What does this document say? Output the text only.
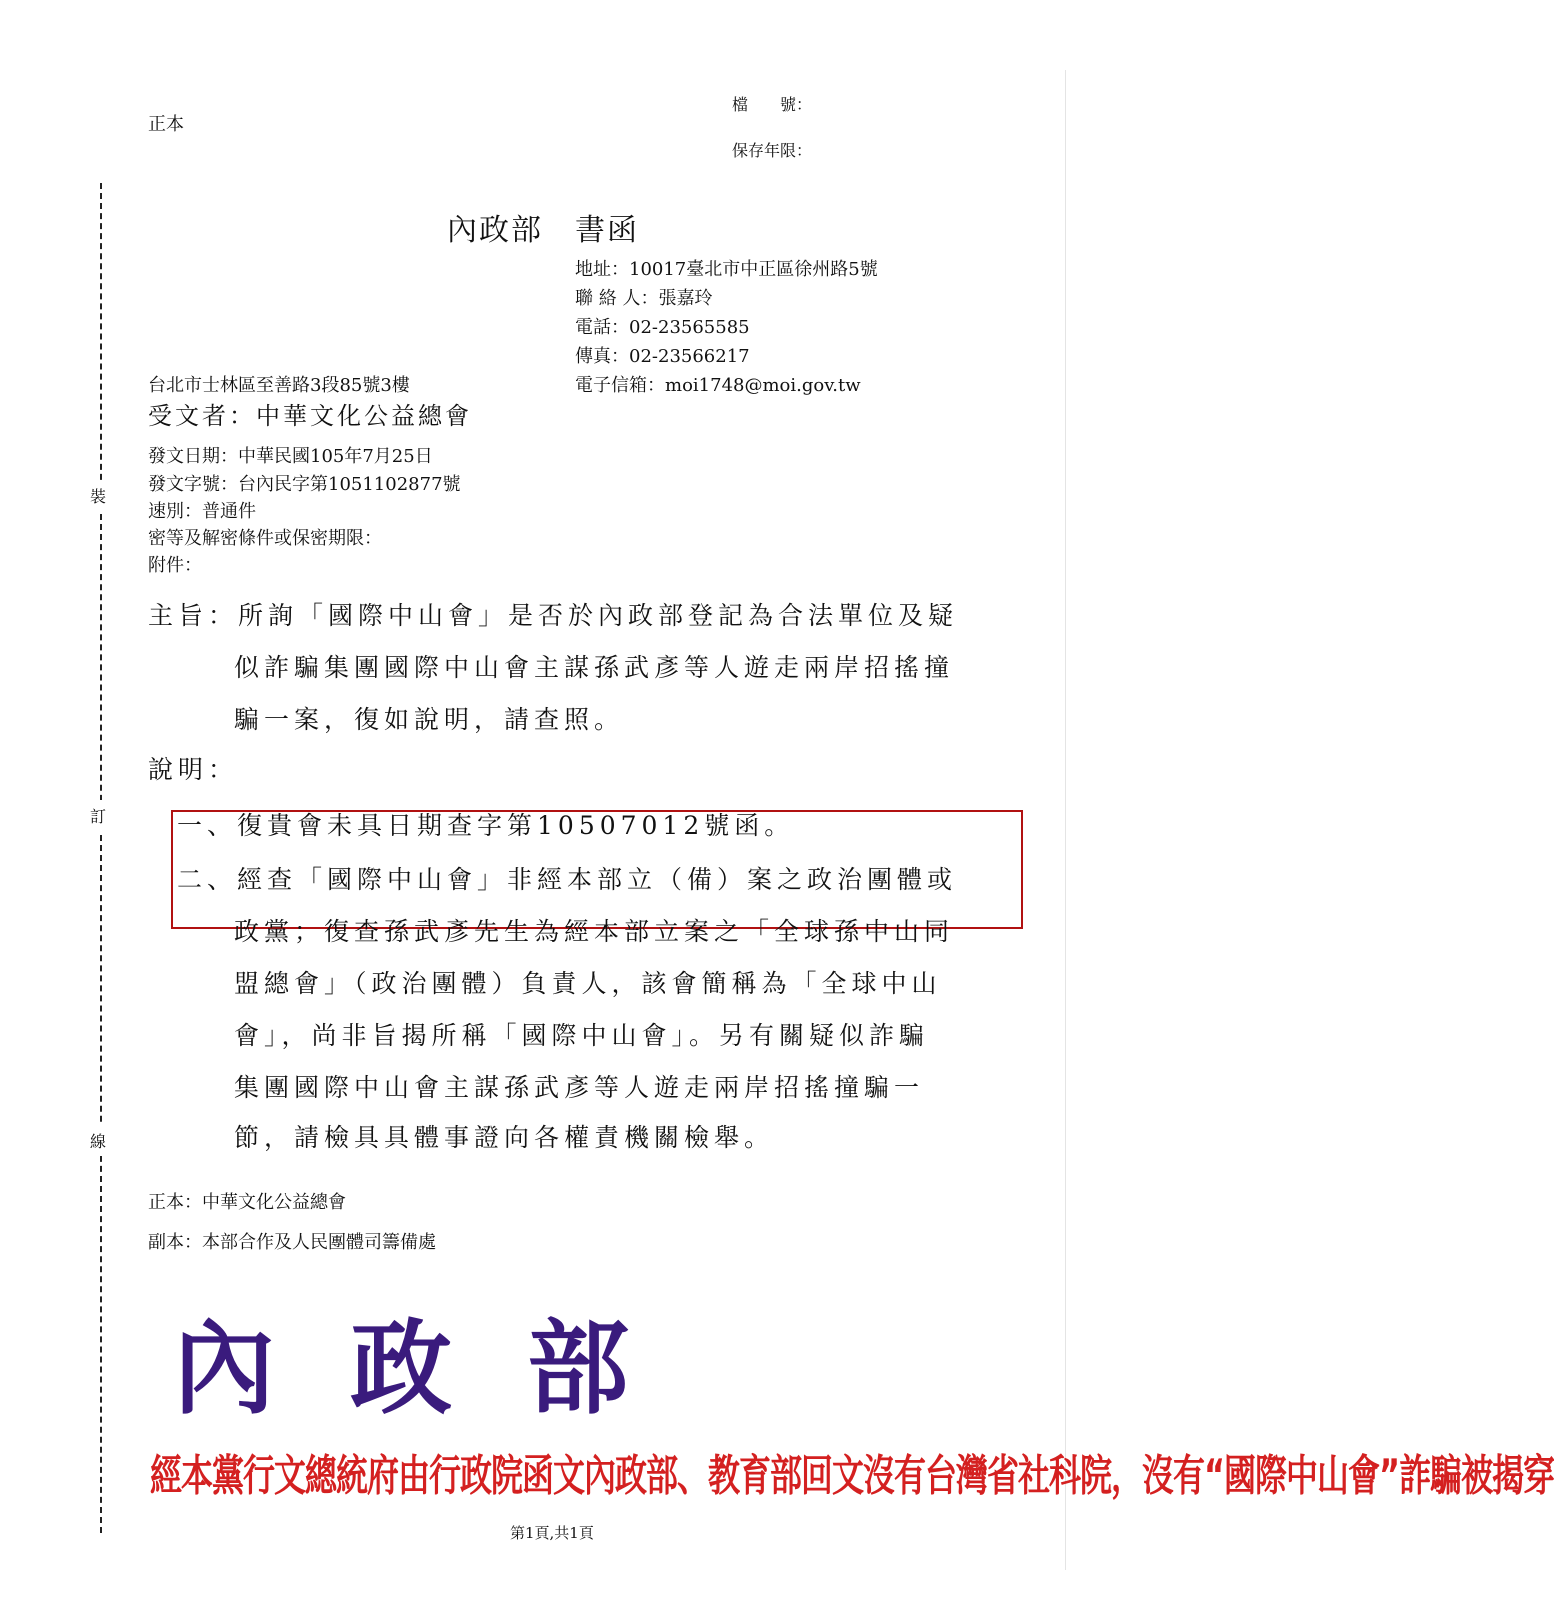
正本
檔　　號：
保存年限：
內政部　書函
地址：10017臺北市中正區徐州路5號
聯 絡 人：張嘉玲
電話：02-23565585
傳真：02-23566217
電子信箱：moi1748@moi.gov.tw
台北市士林區至善路3段85號3樓
受文者：中華文化公益總會
發文日期：中華民國105年7月25日
發文字號：台內民字第1051102877號
速別：普通件
密等及解密條件或保密期限：
附件：
主旨：所詢「國際中山會」是否於內政部登記為合法單位及疑
似詐騙集團國際中山會主謀孫武彥等人遊走兩岸招搖撞
騙一案，復如說明，請查照。
說明：
一、復貴會未具日期查字第10507012號函。
二、經查「國際中山會」非經本部立（備）案之政治團體或
政黨；復查孫武彥先生為經本部立案之「全球孫中山同
盟總會」（政治團體）負責人，該會簡稱為「全球中山
會」，尚非旨揭所稱「國際中山會」。另有關疑似詐騙
集團國際中山會主謀孫武彥等人遊走兩岸招搖撞騙一
節，請檢具具體事證向各權責機關檢舉。
正本：中華文化公益總會
副本：本部合作及人民團體司籌備處
裝
訂
線
內政部
經本黨行文總統府由行政院函文內政部、教育部回文沒有台灣省社科院，沒有“國際中山會”詐騙被揭穿
第1頁,共1頁
